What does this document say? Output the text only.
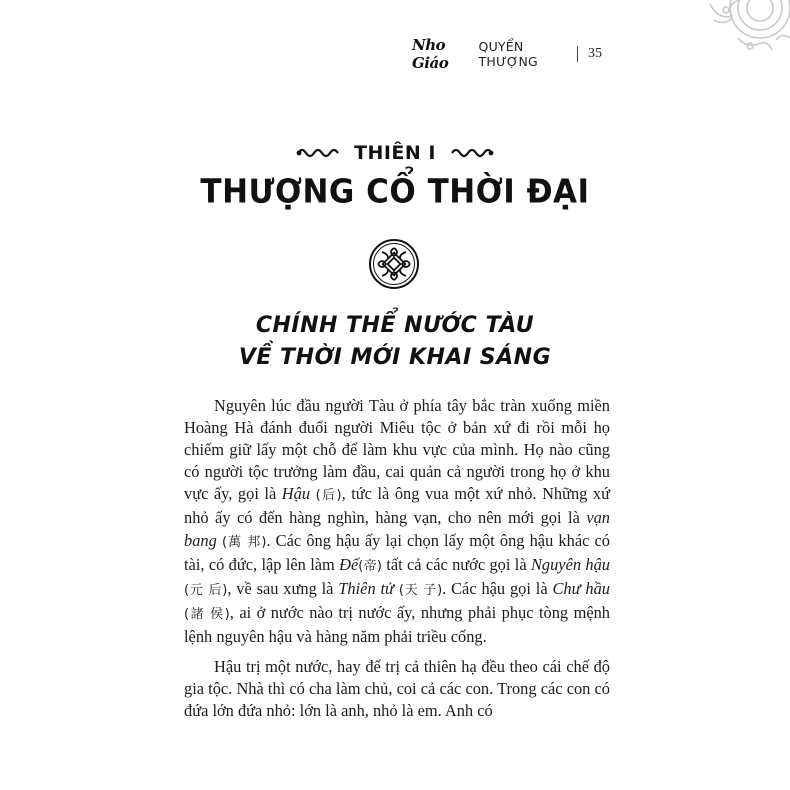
Nho Giáo
QUYỂN THƯỢNG
35
THIÊN I
THƯỢNG CỔ THỜI ĐẠI
CHÍNH THỂ NƯỚC TÀU
VỀ THỜI MỚI KHAI SÁNG

Nguyên lúc đầu người Tàu ở phía tây bắc tràn xuống miền Hoàng Hà đánh đuổi người Miêu tộc ở bản xứ đi rồi mỗi họ chiếm giữ lấy một chỗ để làm khu vực của mình. Họ nào cũng có người tộc trưởng làm đầu, cai quản cả người trong họ ở khu vực ấy, gọi là Hậu (后), tức là ông vua một xứ nhỏ. Những xứ nhỏ ấy có đến hàng nghìn, hàng vạn, cho nên mới gọi là vạn bang (萬 邦). Các ông hậu ấy lại chọn lấy một ông hậu khác có tài, có đức, lập lên làm Đế(帝) tất cả các nước gọi là Nguyên hậu (元 后), về sau xưng là Thiên tử (天 子). Các hậu gọi là Chư hầu (諸 侯), ai ở nước nào trị nước ấy, nhưng phải phục tòng mệnh lệnh nguyên hậu và hàng năm phải triều cống.

Hậu trị một nước, hay đế trị cả thiên hạ đều theo cái chế độ gia tộc. Nhà thì có cha làm chủ, coi cả các con. Trong các con có đứa lớn đứa nhỏ: lớn là anh, nhỏ là em. Anh có
